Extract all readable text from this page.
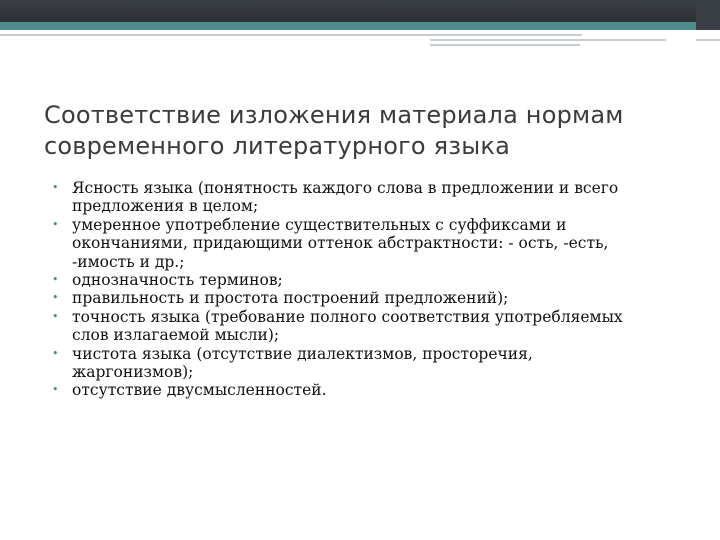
Соответствие изложения материала нормам современного литературного языка
• Ясность языка (понятность каждого слова в предложении и всего предложения в целом;
• умеренное употребление существительных с суффиксами и окончаниями, придающими оттенок абстрактности: - ость, -есть, -имость и др.;
• однозначность терминов;
• правильность и простота построений предложений);
• точность языка (требование полного соответствия употребляемых слов излагаемой мысли);
• чистота языка (отсутствие диалектизмов, просторечия, жаргонизмов);
• отсутствие двусмысленностей.
